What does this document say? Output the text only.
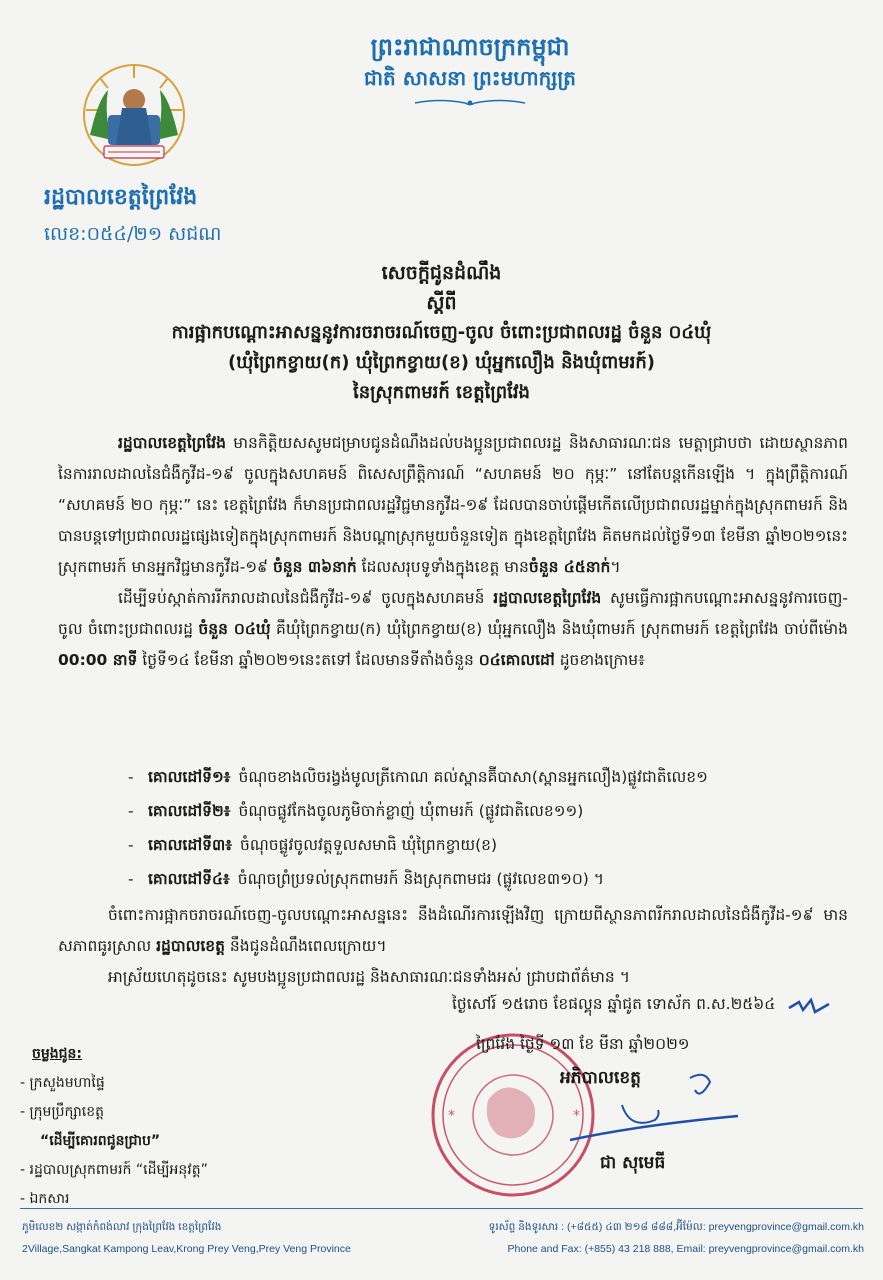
ព្រះរាជាណាចក្រកម្ពុជា
ជាតិ សាសនា ព្រះមហាក្សត្រ
រដ្ឋបាលខេត្តព្រៃវែង
លេខ:០៥៤/២១ សជណ
សេចក្តីជូនដំណឹង
ស្តីពី
ការផ្អាកបណ្តោះអាសន្ននូវការចរាចរណ៍ចេញ-ចូល ចំពោះប្រជាពលរដ្ឋ ចំនួន ០៤ឃុំ
(ឃុំព្រៃកខ្វាយ(ក) ឃុំព្រៃកខ្វាយ(ខ) ឃុំអ្នកលឿង និងឃុំពាមរក៍)
នៃស្រុកពាមរក៍ ខេត្តព្រៃវែង

រដ្ឋបាលខេត្តព្រៃវែង មានកិត្តិយសសូមជម្រាបជូនដំណឹងដល់បងប្អូនប្រជាពលរដ្ឋ និងសាធារណៈជន មេត្តាជ្រាបថា ដោយស្ថានភាពនៃការរាលដាលនៃជំងឺកូវីដ-១៩ ចូលក្នុងសហគមន៍ ពិសេសព្រឹត្តិការណ៍ “សហគមន៍ ២០ កុម្ភៈ” នៅតែបន្តកើនឡើង ។ ក្នុងព្រឹត្តិការណ៍ “សហគមន៍ ២០ កុម្ភៈ” នេះ ខេត្តព្រៃវែង ក៏មានប្រជាពលរដ្ឋវិជ្ជមានកូវីដ-១៩ ដែលបានចាប់ផ្តើមកើតលើប្រជាពលរដ្ឋម្នាក់ក្នុងស្រុកពាមរក៍ និងបានបន្តទៅប្រជាពលរដ្ឋផ្សេងទៀតក្នុងស្រុកពាមរក៍ និងបណ្តាស្រុកមួយចំនួនទៀត ក្នុងខេត្តព្រៃវែង គិតមកដល់ថ្ងៃទី១៣ ខែមីនា ឆ្នាំ២០២១នេះ ស្រុកពាមរក៍ មានអ្នកវិជ្ជមានកូវីដ-១៩ ចំនួន ៣៦នាក់ ដែលសរុបទូទាំងក្នុងខេត្ត មានចំនួន ៤៥នាក់។

ដើម្បីទប់ស្កាត់ការរីករាលដាលនៃជំងឺកូវីដ-១៩ ចូលក្នុងសហគមន៍ រដ្ឋបាលខេត្តព្រៃវែង សូមធ្វើការផ្អាកបណ្តោះអាសន្ននូវការចេញ-ចូល ចំពោះប្រជាពលរដ្ឋ ចំនួន ០៤ឃុំ គឺឃុំព្រៃកខ្វាយ(ក) ឃុំព្រៃកខ្វាយ(ខ) ឃុំអ្នកលឿង និងឃុំពាមរក៍ ស្រុកពាមរក៍ ខេត្តព្រៃវែង ចាប់ពីម៉ោង 00:00 នាទី ថ្ងៃទី១៤ ខែមីនា ឆ្នាំ២០២១នេះតទៅ ដែលមានទីតាំងចំនួន ០៤គោលដៅ ដូចខាងក្រោម៖

- គោលដៅទី១៖ ចំណុចខាងលិចរង្វង់មូលត្រីកោណ គល់ស្ពានគ៊ីបាសា(ស្ពានអ្នកលឿង)ផ្លូវជាតិលេខ១
- គោលដៅទី២៖ ចំណុចផ្លូវកែងចូលភូមិចាក់ខ្លាញ់ ឃុំពាមរក៍ (ផ្លូវជាតិលេខ១១)
- គោលដៅទី៣៖ ចំណុចផ្លូវចូលវត្តទួលសមាធិ ឃុំព្រៃកខ្វាយ(ខ)
- គោលដៅទី៤៖ ចំណុចព្រំប្រទល់ស្រុកពាមរក៍ និងស្រុកពាមជរ (ផ្លូវលេខ៣១០) ។

ចំពោះការផ្អាកចរាចរណ៍ចេញ-ចូលបណ្តោះអាសន្ននេះ នឹងដំណើរការឡើងវិញ ក្រោយពីស្ថានភាពរីករាលដាលនៃជំងឺកូវីដ-១៩ មានសភាពធូរស្រាល រដ្ឋបាលខេត្ត នឹងជូនដំណឹងពេលក្រោយ។

អាស្រ័យហេតុដូចនេះ សូមបងប្អូនប្រជាពលរដ្ឋ និងសាធារណៈជនទាំងអស់ ជ្រាបជាព័ត៌មាន ។

ថ្ងៃសៅរ៍ ១៥រោច ខែផល្គុន ឆ្នាំជូត ទោស័ក ព.ស.២៥៦៤
*	*
ព្រៃវែង ថ្ងៃទី ១៣ ខែ មីនា ឆ្នាំ២០២១
អភិបាលខេត្ត
ជា សុមេធី
ចម្លងជូន:
- ក្រសួងមហាផ្ទៃ
- ក្រុមប្រឹក្សាខេត្ត
“ដើម្បីគោរពជូនជ្រាប”
- រដ្ឋបាលស្រុកពាមរក៍ “ដើម្បីអនុវត្ត”
- ឯកសារ
ភូមិលេខ២ សង្កាត់កំពង់លាវ ក្រុងព្រៃវែង ខេត្តព្រៃវែង	ទូរស័ព្ទ និងទូរសារ : (+៨៥៥) ៤៣ ២១៨ ៨៨៨,អ៊ីម៉ែល: preyvengprovince@gmail.com.kh
2Village,Sangkat Kampong Leav,Krong Prey Veng,Prey Veng Province	Phone and Fax: (+855) 43 218 888, Email: preyvengprovince@gmail.com.kh
